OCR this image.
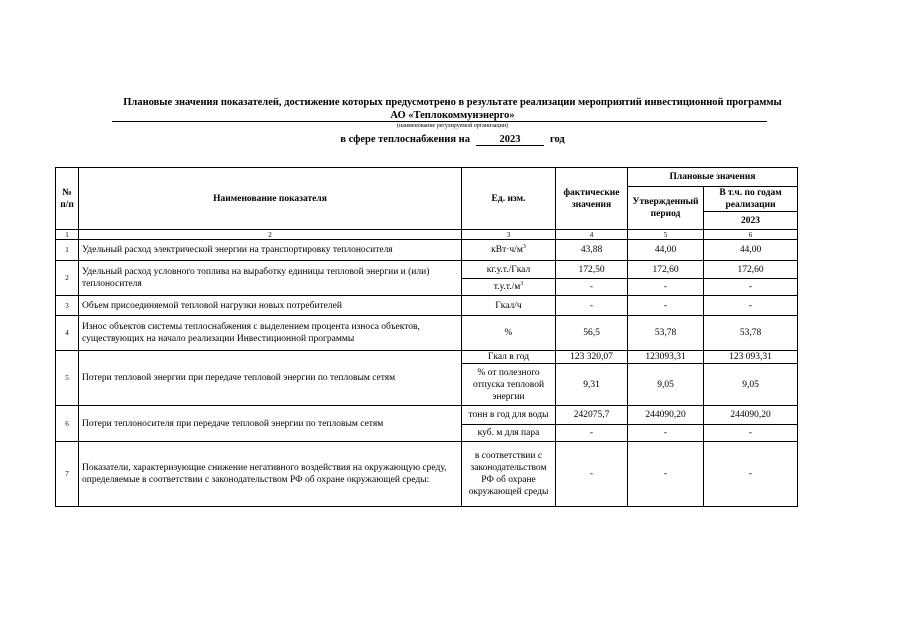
Плановые значения показателей, достижение которых предусмотрено в результате реализации мероприятий инвестиционной программы
АО «Теплокоммунэнерго»
(наименование регулируемой организации)
в сфере теплоснабжения на	2023	год
№ п/п	Наименование показателя	Ед. изм.	фактические значения	Плановые значения	
				Утвержденный период	В т.ч. по годам реализации
					2023
1	2	3	4	5	6
1	Удельный расход электрической энергии на транспортировку теплоносителя	$кВт\cdot ч/м^3$	43,88	44,00	44,00
2	Удельный расход условного топлива на выработку единицы тепловой энергии и (или) теплоносителя	кг.у.т./Гкал	172,50	172,60	172,60
		$т.у.т./м^3$	-	-	-
3	Объем присоединяемой тепловой нагрузки новых потребителей	Гкал/ч	-	-	-
4	Износ объектов системы теплоснабжения с выделением процента износа объектов, существующих на начало реализации Инвестиционной программы	%	56,5	53,78	53,78
5	Потери тепловой энергии при передаче тепловой энергии по тепловым сетям	Гкал в год	123 320,07	123093,31	123 093,31
		% от полезного отпуска тепловой энергии	9,31	9,05	9,05
6	Потери теплоносителя при передаче тепловой энергии по тепловым сетям	тонн в год для воды	242075,7	244090,20	244090,20
		куб. м для пара	-	-	-
7	Показатели, характеризующие снижение негативного воздействия на окружающую среду, определяемые в соответствии с законодательством РФ об охране окружающей среды:	в соответствии с законодательством РФ об охране окружающей среды	-	-	-
